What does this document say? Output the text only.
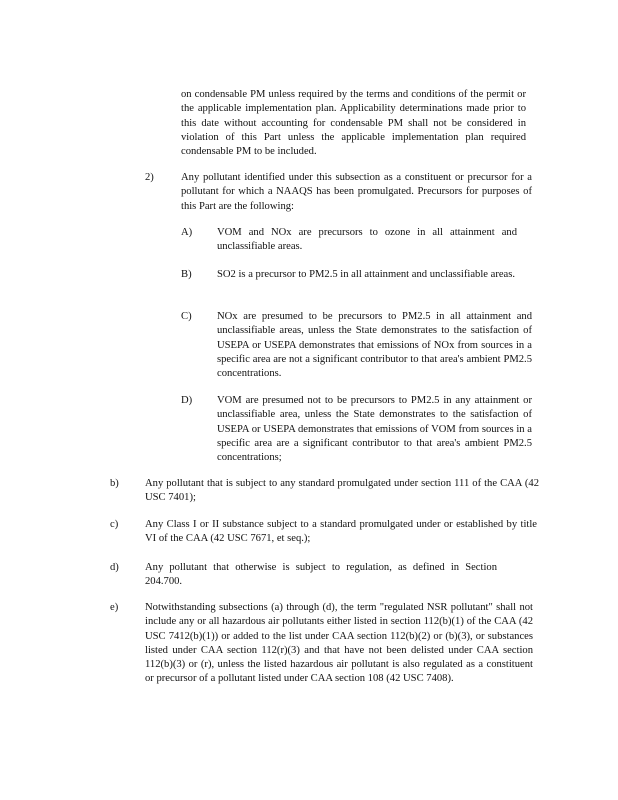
on condensable PM unless required by the terms and conditions of the permit or the applicable implementation plan. Applicability determinations made prior to this date without accounting for condensable PM shall not be considered in violation of this Part unless the applicable implementation plan required condensable PM to be included.
2)	Any pollutant identified under this subsection as a constituent or precursor for a pollutant for which a NAAQS has been promulgated. Precursors for purposes of this Part are the following:
A) VOM and NOx are precursors to ozone in all attainment and unclassifiable areas.
B) SO2 is a precursor to PM2.5 in all attainment and unclassifiable areas.
C) NOx are presumed to be precursors to PM2.5 in all attainment and unclassifiable areas, unless the State demonstrates to the satisfaction of USEPA or USEPA demonstrates that emissions of NOx from sources in a specific area are not a significant contributor to that area's ambient PM2.5 concentrations.
D) VOM are presumed not to be precursors to PM2.5 in any attainment or unclassifiable area, unless the State demonstrates to the satisfaction of USEPA or USEPA demonstrates that emissions of VOM from sources in a specific area are a significant contributor to that area's ambient PM2.5 concentrations;
b) Any pollutant that is subject to any standard promulgated under section 111 of the CAA (42 USC 7401);
c)	Any Class I or II substance subject to a standard promulgated under or established by title VI of the CAA (42 USC 7671, et seq.);
d) Any pollutant that otherwise is subject to regulation, as defined in Section 204.700.
e)	Notwithstanding subsections (a) through (d), the term "regulated NSR pollutant" shall not include any or all hazardous air pollutants either listed in section 112(b)(1) of the CAA (42 USC 7412(b)(1)) or added to the list under CAA section 112(b)(2) or (b)(3), or substances listed under CAA section 112(r)(3) and that have not been delisted under CAA section 112(b)(3) or (r), unless the listed hazardous air pollutant is also regulated as a constituent or precursor of a pollutant listed under CAA section 108 (42 USC 7408).
